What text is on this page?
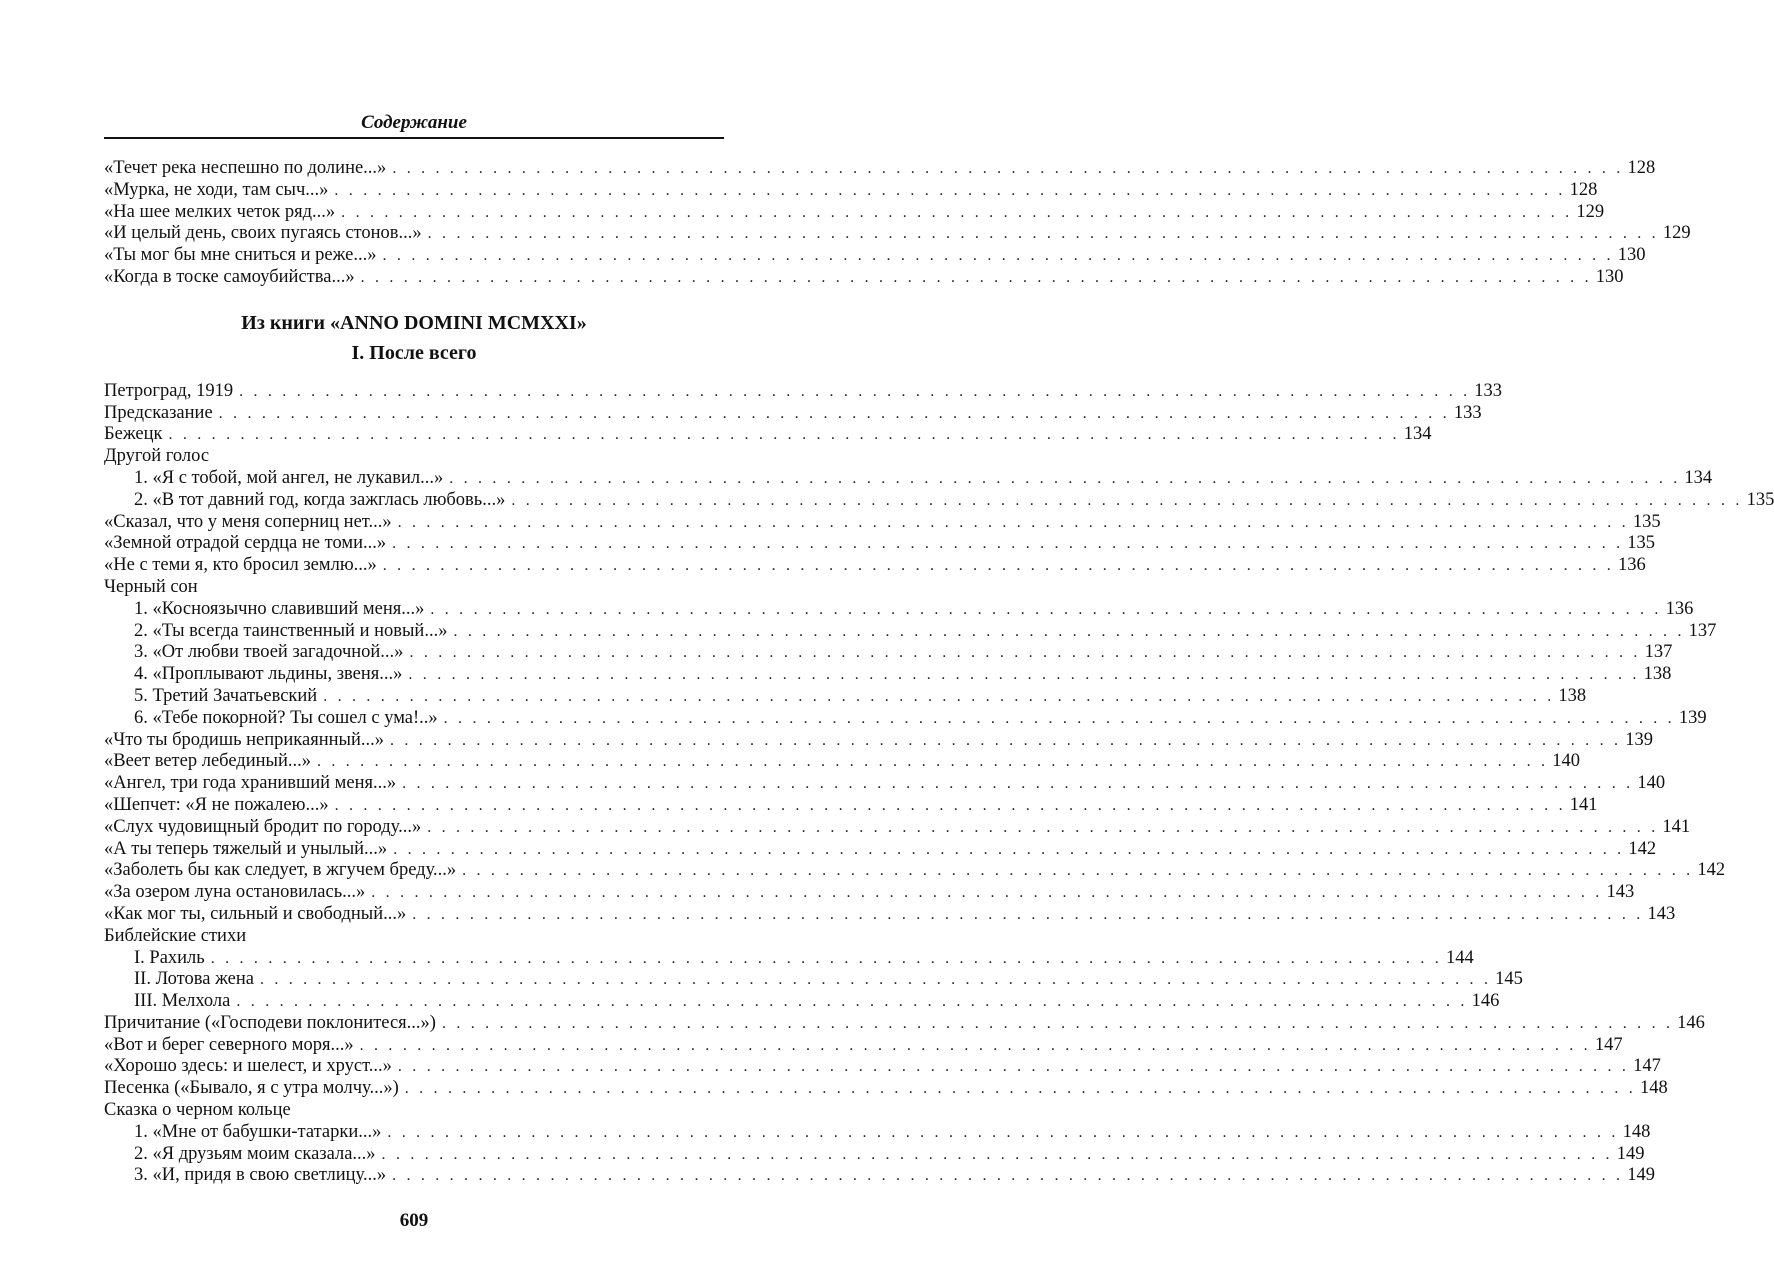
Содержание
«Течет река неспешно по долине...» . . . . . . . . . . . . . . . . . . . . . . . . . . . . . . . . . . . . . . . . . . . . . . . . . . . . . . . . . . . . . . . . . . . . . . . . . . . . . . . . . . . . . . 128
«Мурка, не ходи, там сыч...» . . . . . . . . . . . . . . . . . . . . . . . . . . . . . . . . . . . . . . . . . . . . . . . . . . . . . . . . . . . . . . . . . . . . . . . . . . . . . . . . . . . . . . 128
«На шее мелких четок ряд...» . . . . . . . . . . . . . . . . . . . . . . . . . . . . . . . . . . . . . . . . . . . . . . . . . . . . . . . . . . . . . . . . . . . . . . . . . . . . . . . . . . . . . . 129
«И целый день, своих пугаясь стонов...» . . . . . . . . . . . . . . . . . . . . . . . . . . . . . . . . . . . . . . . . . . . . . . . . . . . . . . . . . . . . . . . . . . . . . . . . . . . . . . . . . . . . . . 129
«Ты мог бы мне сниться и реже...» . . . . . . . . . . . . . . . . . . . . . . . . . . . . . . . . . . . . . . . . . . . . . . . . . . . . . . . . . . . . . . . . . . . . . . . . . . . . . . . . . . . . . . 130
«Когда в тоске самоубийства...» . . . . . . . . . . . . . . . . . . . . . . . . . . . . . . . . . . . . . . . . . . . . . . . . . . . . . . . . . . . . . . . . . . . . . . . . . . . . . . . . . . . . . . 130
Из книги «ANNO DOMINI MCMXXI»
I. После всего
Петроград, 1919 . . . . . . . . . . . . . . . . . . . . . . . . . . . . . . . . . . . . . . . . . . . . . . . . . . . . . . . . . . . . . . . . . . . . . . . . . . . . . . . . . . . . . . 133
Предсказание . . . . . . . . . . . . . . . . . . . . . . . . . . . . . . . . . . . . . . . . . . . . . . . . . . . . . . . . . . . . . . . . . . . . . . . . . . . . . . . . . . . . . . 133
Бежецк . . . . . . . . . . . . . . . . . . . . . . . . . . . . . . . . . . . . . . . . . . . . . . . . . . . . . . . . . . . . . . . . . . . . . . . . . . . . . . . . . . . . . . 134
Другой голос
1. «Я с тобой, мой ангел, не лукавил...» . . . . . . . . . . . . . . . . . . . . . . . . . . . . . . . . . . . . . . . . . . . . . . . . . . . . . . . . . . . . . . . . . . . . . . . . . . . . . . . . . . . . . . 134
2. «В тот давний год, когда зажглась любовь...» . . . . . . . . . . . . . . . . . . . . . . . . . . . . . . . . . . . . . . . . . . . . . . . . . . . . . . . . . . . . . . . . . . . . . . . . . . . . . . . . . . . . . . 135
«Сказал, что у меня соперниц нет...» . . . . . . . . . . . . . . . . . . . . . . . . . . . . . . . . . . . . . . . . . . . . . . . . . . . . . . . . . . . . . . . . . . . . . . . . . . . . . . . . . . . . . . 135
«Земной отрадой сердца не томи...» . . . . . . . . . . . . . . . . . . . . . . . . . . . . . . . . . . . . . . . . . . . . . . . . . . . . . . . . . . . . . . . . . . . . . . . . . . . . . . . . . . . . . . 135
«Не с теми я, кто бросил землю...» . . . . . . . . . . . . . . . . . . . . . . . . . . . . . . . . . . . . . . . . . . . . . . . . . . . . . . . . . . . . . . . . . . . . . . . . . . . . . . . . . . . . . . 136
Черный сон
1. «Косноязычно славивший меня...» . . . . . . . . . . . . . . . . . . . . . . . . . . . . . . . . . . . . . . . . . . . . . . . . . . . . . . . . . . . . . . . . . . . . . . . . . . . . . . . . . . . . . . 136
2. «Ты всегда таинственный и новый...» . . . . . . . . . . . . . . . . . . . . . . . . . . . . . . . . . . . . . . . . . . . . . . . . . . . . . . . . . . . . . . . . . . . . . . . . . . . . . . . . . . . . . . 137
3. «От любви твоей загадочной...» . . . . . . . . . . . . . . . . . . . . . . . . . . . . . . . . . . . . . . . . . . . . . . . . . . . . . . . . . . . . . . . . . . . . . . . . . . . . . . . . . . . . . . 137
4. «Проплывают льдины, звеня...» . . . . . . . . . . . . . . . . . . . . . . . . . . . . . . . . . . . . . . . . . . . . . . . . . . . . . . . . . . . . . . . . . . . . . . . . . . . . . . . . . . . . . . 138
5. Третий Зачатьевский . . . . . . . . . . . . . . . . . . . . . . . . . . . . . . . . . . . . . . . . . . . . . . . . . . . . . . . . . . . . . . . . . . . . . . . . . . . . . . . . . . . . . . 138
6. «Тебе покорной? Ты сошел с ума!..» . . . . . . . . . . . . . . . . . . . . . . . . . . . . . . . . . . . . . . . . . . . . . . . . . . . . . . . . . . . . . . . . . . . . . . . . . . . . . . . . . . . . . . 139
«Что ты бродишь неприкаянный...» . . . . . . . . . . . . . . . . . . . . . . . . . . . . . . . . . . . . . . . . . . . . . . . . . . . . . . . . . . . . . . . . . . . . . . . . . . . . . . . . . . . . . . 139
«Веет ветер лебединый...» . . . . . . . . . . . . . . . . . . . . . . . . . . . . . . . . . . . . . . . . . . . . . . . . . . . . . . . . . . . . . . . . . . . . . . . . . . . . . . . . . . . . . . 140
«Ангел, три года хранивший меня...» . . . . . . . . . . . . . . . . . . . . . . . . . . . . . . . . . . . . . . . . . . . . . . . . . . . . . . . . . . . . . . . . . . . . . . . . . . . . . . . . . . . . . . 140
«Шепчет: «Я не пожалею...» . . . . . . . . . . . . . . . . . . . . . . . . . . . . . . . . . . . . . . . . . . . . . . . . . . . . . . . . . . . . . . . . . . . . . . . . . . . . . . . . . . . . . . 141
«Слух чудовищный бродит по городу...» . . . . . . . . . . . . . . . . . . . . . . . . . . . . . . . . . . . . . . . . . . . . . . . . . . . . . . . . . . . . . . . . . . . . . . . . . . . . . . . . . . . . . . 141
«А ты теперь тяжелый и унылый...» . . . . . . . . . . . . . . . . . . . . . . . . . . . . . . . . . . . . . . . . . . . . . . . . . . . . . . . . . . . . . . . . . . . . . . . . . . . . . . . . . . . . . . 142
«Заболеть бы как следует, в жгучем бреду...» . . . . . . . . . . . . . . . . . . . . . . . . . . . . . . . . . . . . . . . . . . . . . . . . . . . . . . . . . . . . . . . . . . . . . . . . . . . . . . . . . . . . . . 142
«За озером луна остановилась...» . . . . . . . . . . . . . . . . . . . . . . . . . . . . . . . . . . . . . . . . . . . . . . . . . . . . . . . . . . . . . . . . . . . . . . . . . . . . . . . . . . . . . . 143
«Как мог ты, сильный и свободный...» . . . . . . . . . . . . . . . . . . . . . . . . . . . . . . . . . . . . . . . . . . . . . . . . . . . . . . . . . . . . . . . . . . . . . . . . . . . . . . . . . . . . . . 143
Библейские стихи
I. Рахиль . . . . . . . . . . . . . . . . . . . . . . . . . . . . . . . . . . . . . . . . . . . . . . . . . . . . . . . . . . . . . . . . . . . . . . . . . . . . . . . . . . . . . . 144
II. Лотова жена . . . . . . . . . . . . . . . . . . . . . . . . . . . . . . . . . . . . . . . . . . . . . . . . . . . . . . . . . . . . . . . . . . . . . . . . . . . . . . . . . . . . . . 145
III. Мелхола . . . . . . . . . . . . . . . . . . . . . . . . . . . . . . . . . . . . . . . . . . . . . . . . . . . . . . . . . . . . . . . . . . . . . . . . . . . . . . . . . . . . . . 146
Причитание («Господеви поклонитеся...») . . . . . . . . . . . . . . . . . . . . . . . . . . . . . . . . . . . . . . . . . . . . . . . . . . . . . . . . . . . . . . . . . . . . . . . . . . . . . . . . . . . . . . 146
«Вот и берег северного моря...» . . . . . . . . . . . . . . . . . . . . . . . . . . . . . . . . . . . . . . . . . . . . . . . . . . . . . . . . . . . . . . . . . . . . . . . . . . . . . . . . . . . . . . 147
«Хорошо здесь: и шелест, и хруст...» . . . . . . . . . . . . . . . . . . . . . . . . . . . . . . . . . . . . . . . . . . . . . . . . . . . . . . . . . . . . . . . . . . . . . . . . . . . . . . . . . . . . . . 147
Песенка («Бывало, я с утра молчу...») . . . . . . . . . . . . . . . . . . . . . . . . . . . . . . . . . . . . . . . . . . . . . . . . . . . . . . . . . . . . . . . . . . . . . . . . . . . . . . . . . . . . . . 148
Сказка о черном кольце
1. «Мне от бабушки-татарки...» . . . . . . . . . . . . . . . . . . . . . . . . . . . . . . . . . . . . . . . . . . . . . . . . . . . . . . . . . . . . . . . . . . . . . . . . . . . . . . . . . . . . . . 148
2. «Я друзьям моим сказала...» . . . . . . . . . . . . . . . . . . . . . . . . . . . . . . . . . . . . . . . . . . . . . . . . . . . . . . . . . . . . . . . . . . . . . . . . . . . . . . . . . . . . . . 149
3. «И, придя в свою светлицу...» . . . . . . . . . . . . . . . . . . . . . . . . . . . . . . . . . . . . . . . . . . . . . . . . . . . . . . . . . . . . . . . . . . . . . . . . . . . . . . . . . . . . . . 149
609
